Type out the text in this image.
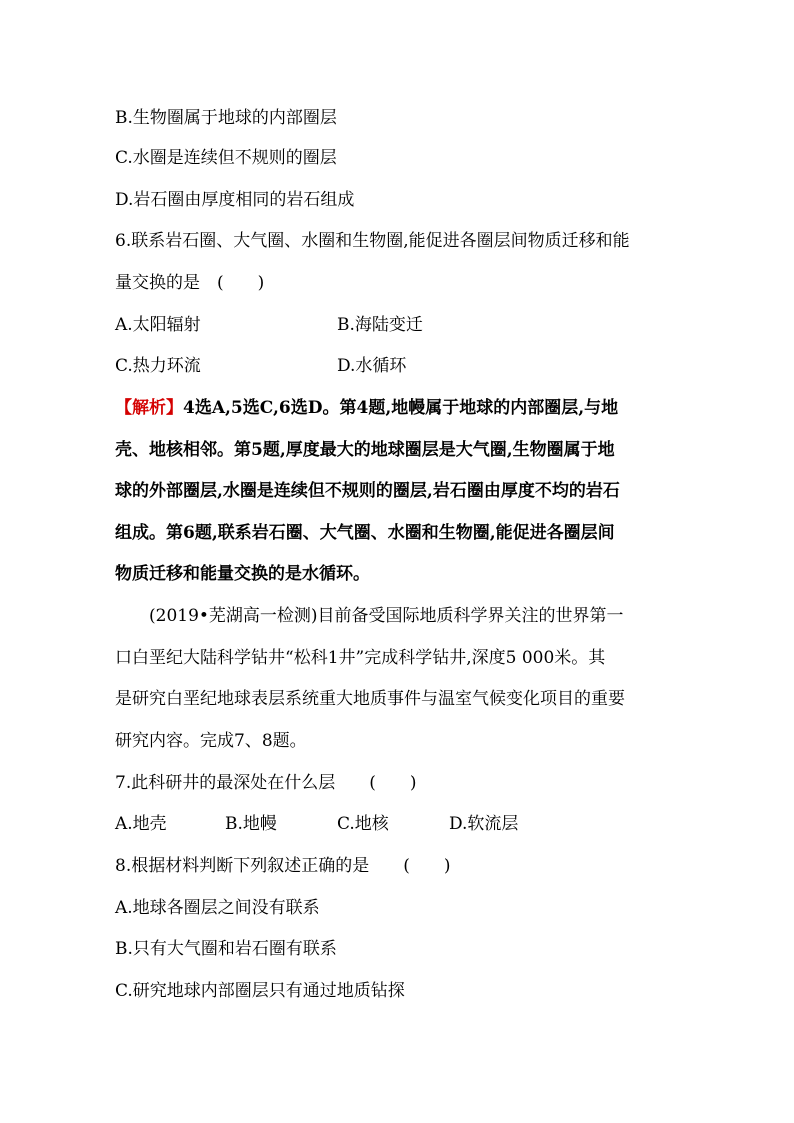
B.生物圈属于地球的内部圈层
C.水圈是连续但不规则的圈层
D.岩石圈由厚度相同的岩石组成
6.联系岩石圈、大气圈、水圈和生物圈,能促进各圈层间物质迁移和能
量交换的是　(　　)
A.太阳辐射	B.海陆变迁
C.热力环流	D.水循环
【解析】4选A,5选C,6选D。第4题,地幔属于地球的内部圈层,与地
壳、地核相邻。第5题,厚度最大的地球圈层是大气圈,生物圈属于地
球的外部圈层,水圈是连续但不规则的圈层,岩石圈由厚度不均的岩石
组成。第6题,联系岩石圈、大气圈、水圈和生物圈,能促进各圈层间
物质迁移和能量交换的是水循环。
(2019•芜湖高一检测)目前备受国际地质科学界关注的世界第一
口白垩纪大陆科学钻井“松科1井”完成科学钻井,深度5 000米。其
是研究白垩纪地球表层系统重大地质事件与温室气候变化项目的重要
研究内容。完成7、8题。
7.此科研井的最深处在什么层　　(　　)
A.地壳	B.地幔	C.地核	D.软流层
8.根据材料判断下列叙述正确的是　　(　　)
A.地球各圈层之间没有联系
B.只有大气圈和岩石圈有联系
C.研究地球内部圈层只有通过地质钻探
